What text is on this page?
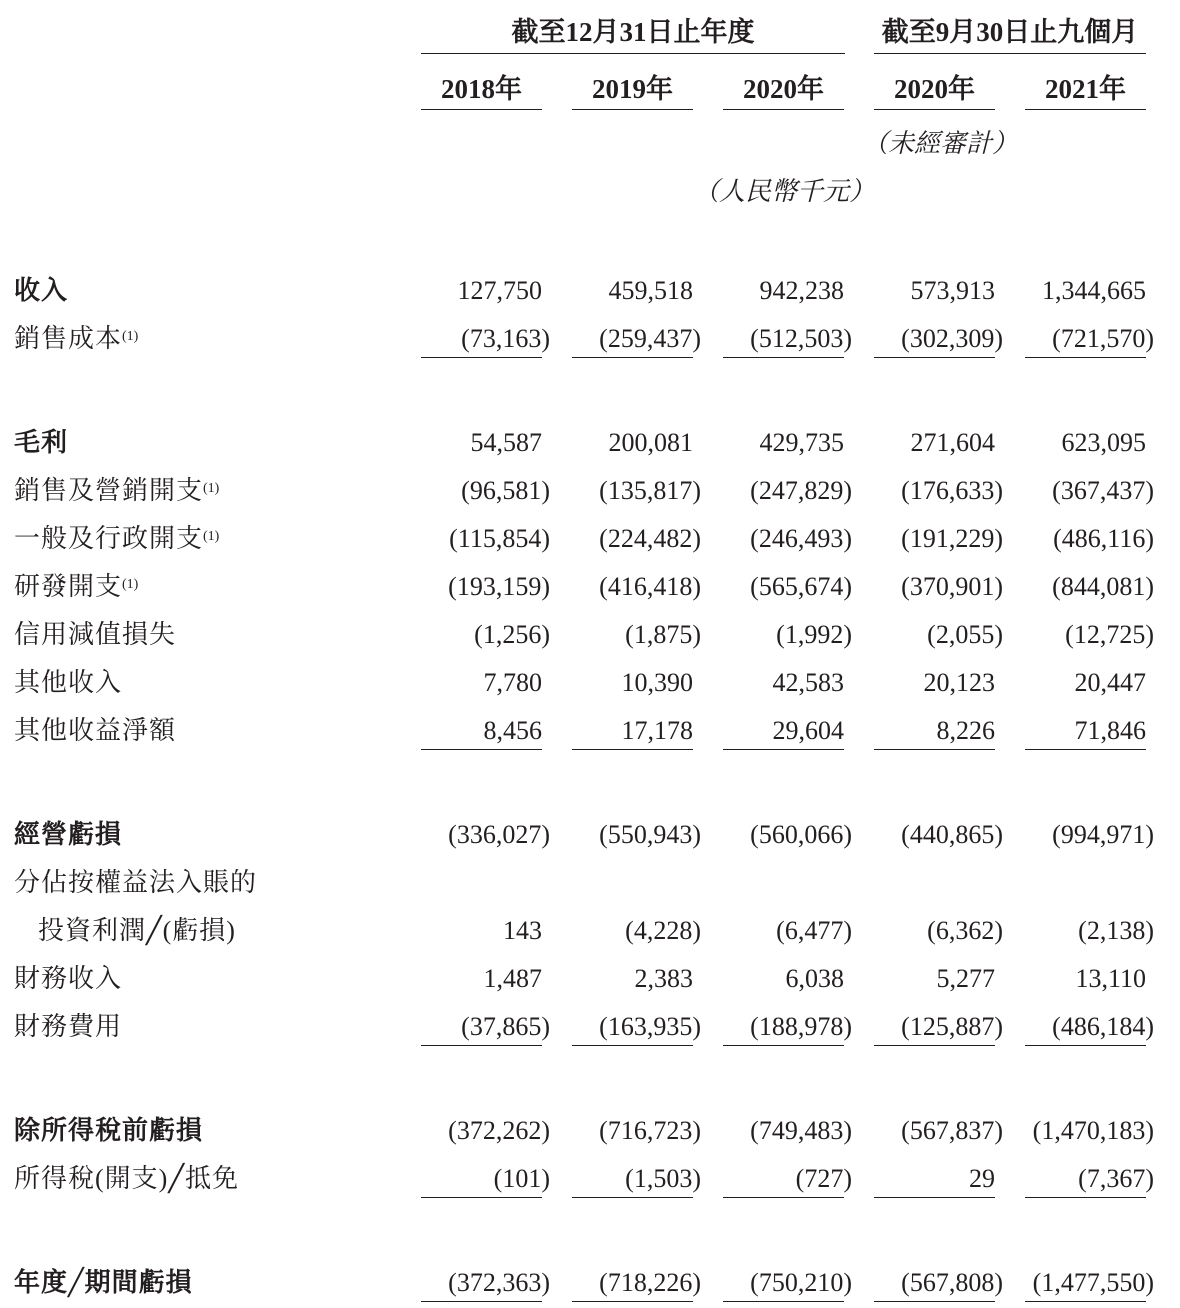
截至12月31日止年度	截至9月30日止九個月
2018年	2019年	2020年	2020年	2021年
（未經審計）
（人民幣千元）
收入	127,750	459,518	942,238	573,913 1,344,665
銷售成本$^{(1)}$	(73,163) (259,437) (512,503) (302,309) (721,570)
毛利	54,587	200,081	429,735	271,604	623,095
銷售及營銷開支$^{(1)}$	(96,581) (135,817) (247,829) (176,633) (367,437)
一般及行政開支$^{(1)}$	(115,854) (224,482) (246,493) (191,229) (486,116)
研發開支$^{(1)}$	(193,159) (416,418) (565,674) (370,901) (844,081)
信用減值損失	(1,256)	(1,875)	(1,992)	(2,055) (12,725)
其他收入	7,780	10,390	42,583	20,123	20,447
其他收益淨額	8,456	17,178	29,604	8,226	71,846
經營虧損	(336,027) (550,943) (560,066) (440,865) (994,971)
分佔按權益法入賬的
投資利潤╱(虧損)	143	(4,228)	(6,477)	(6,362)	(2,138)
財務收入	1,487	2,383	6,038	5,277	13,110
財務費用	(37,865) (163,935) (188,978) (125,887) (486,184)
除所得稅前虧損	(372,262) (716,723) (749,483) (567,837) (1,470,183)
所得稅(開支)╱抵免	(101)	(1,503)	(727)	29	(7,367)
年度╱期間虧損	(372,363) (718,226) (750,210) (567,808) (1,477,550)
